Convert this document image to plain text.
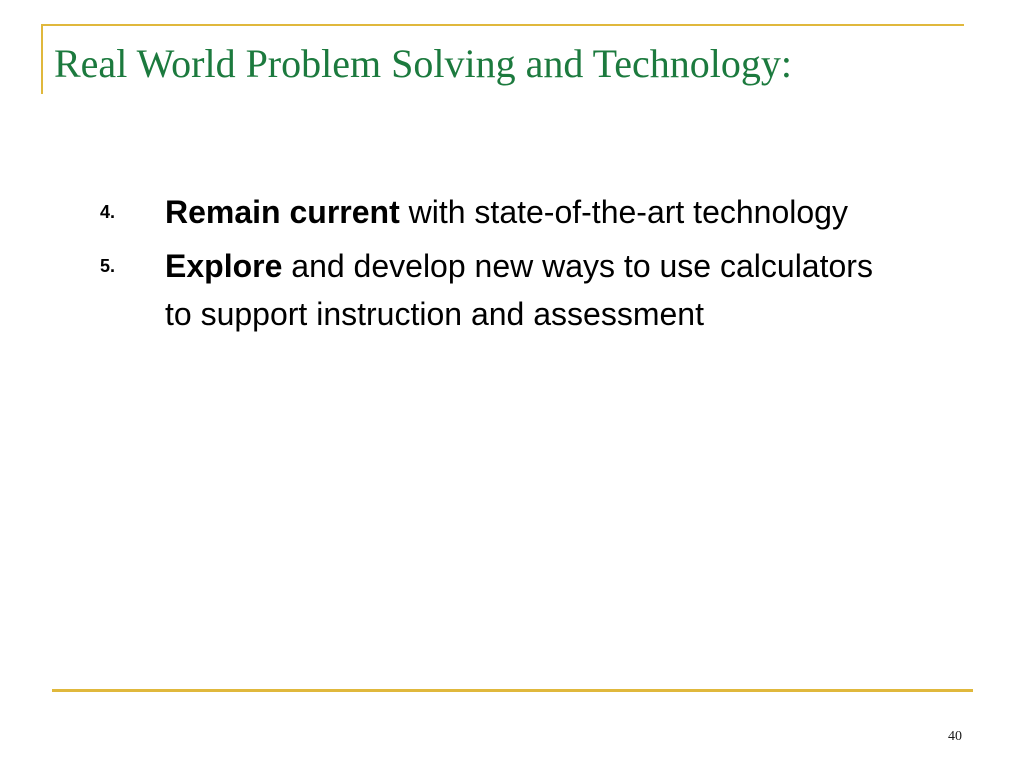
Real World Problem Solving and Technology:
4. Remain current with state-of-the-art technology
5. Explore and develop new ways to use calculators to support instruction and assessment
40
